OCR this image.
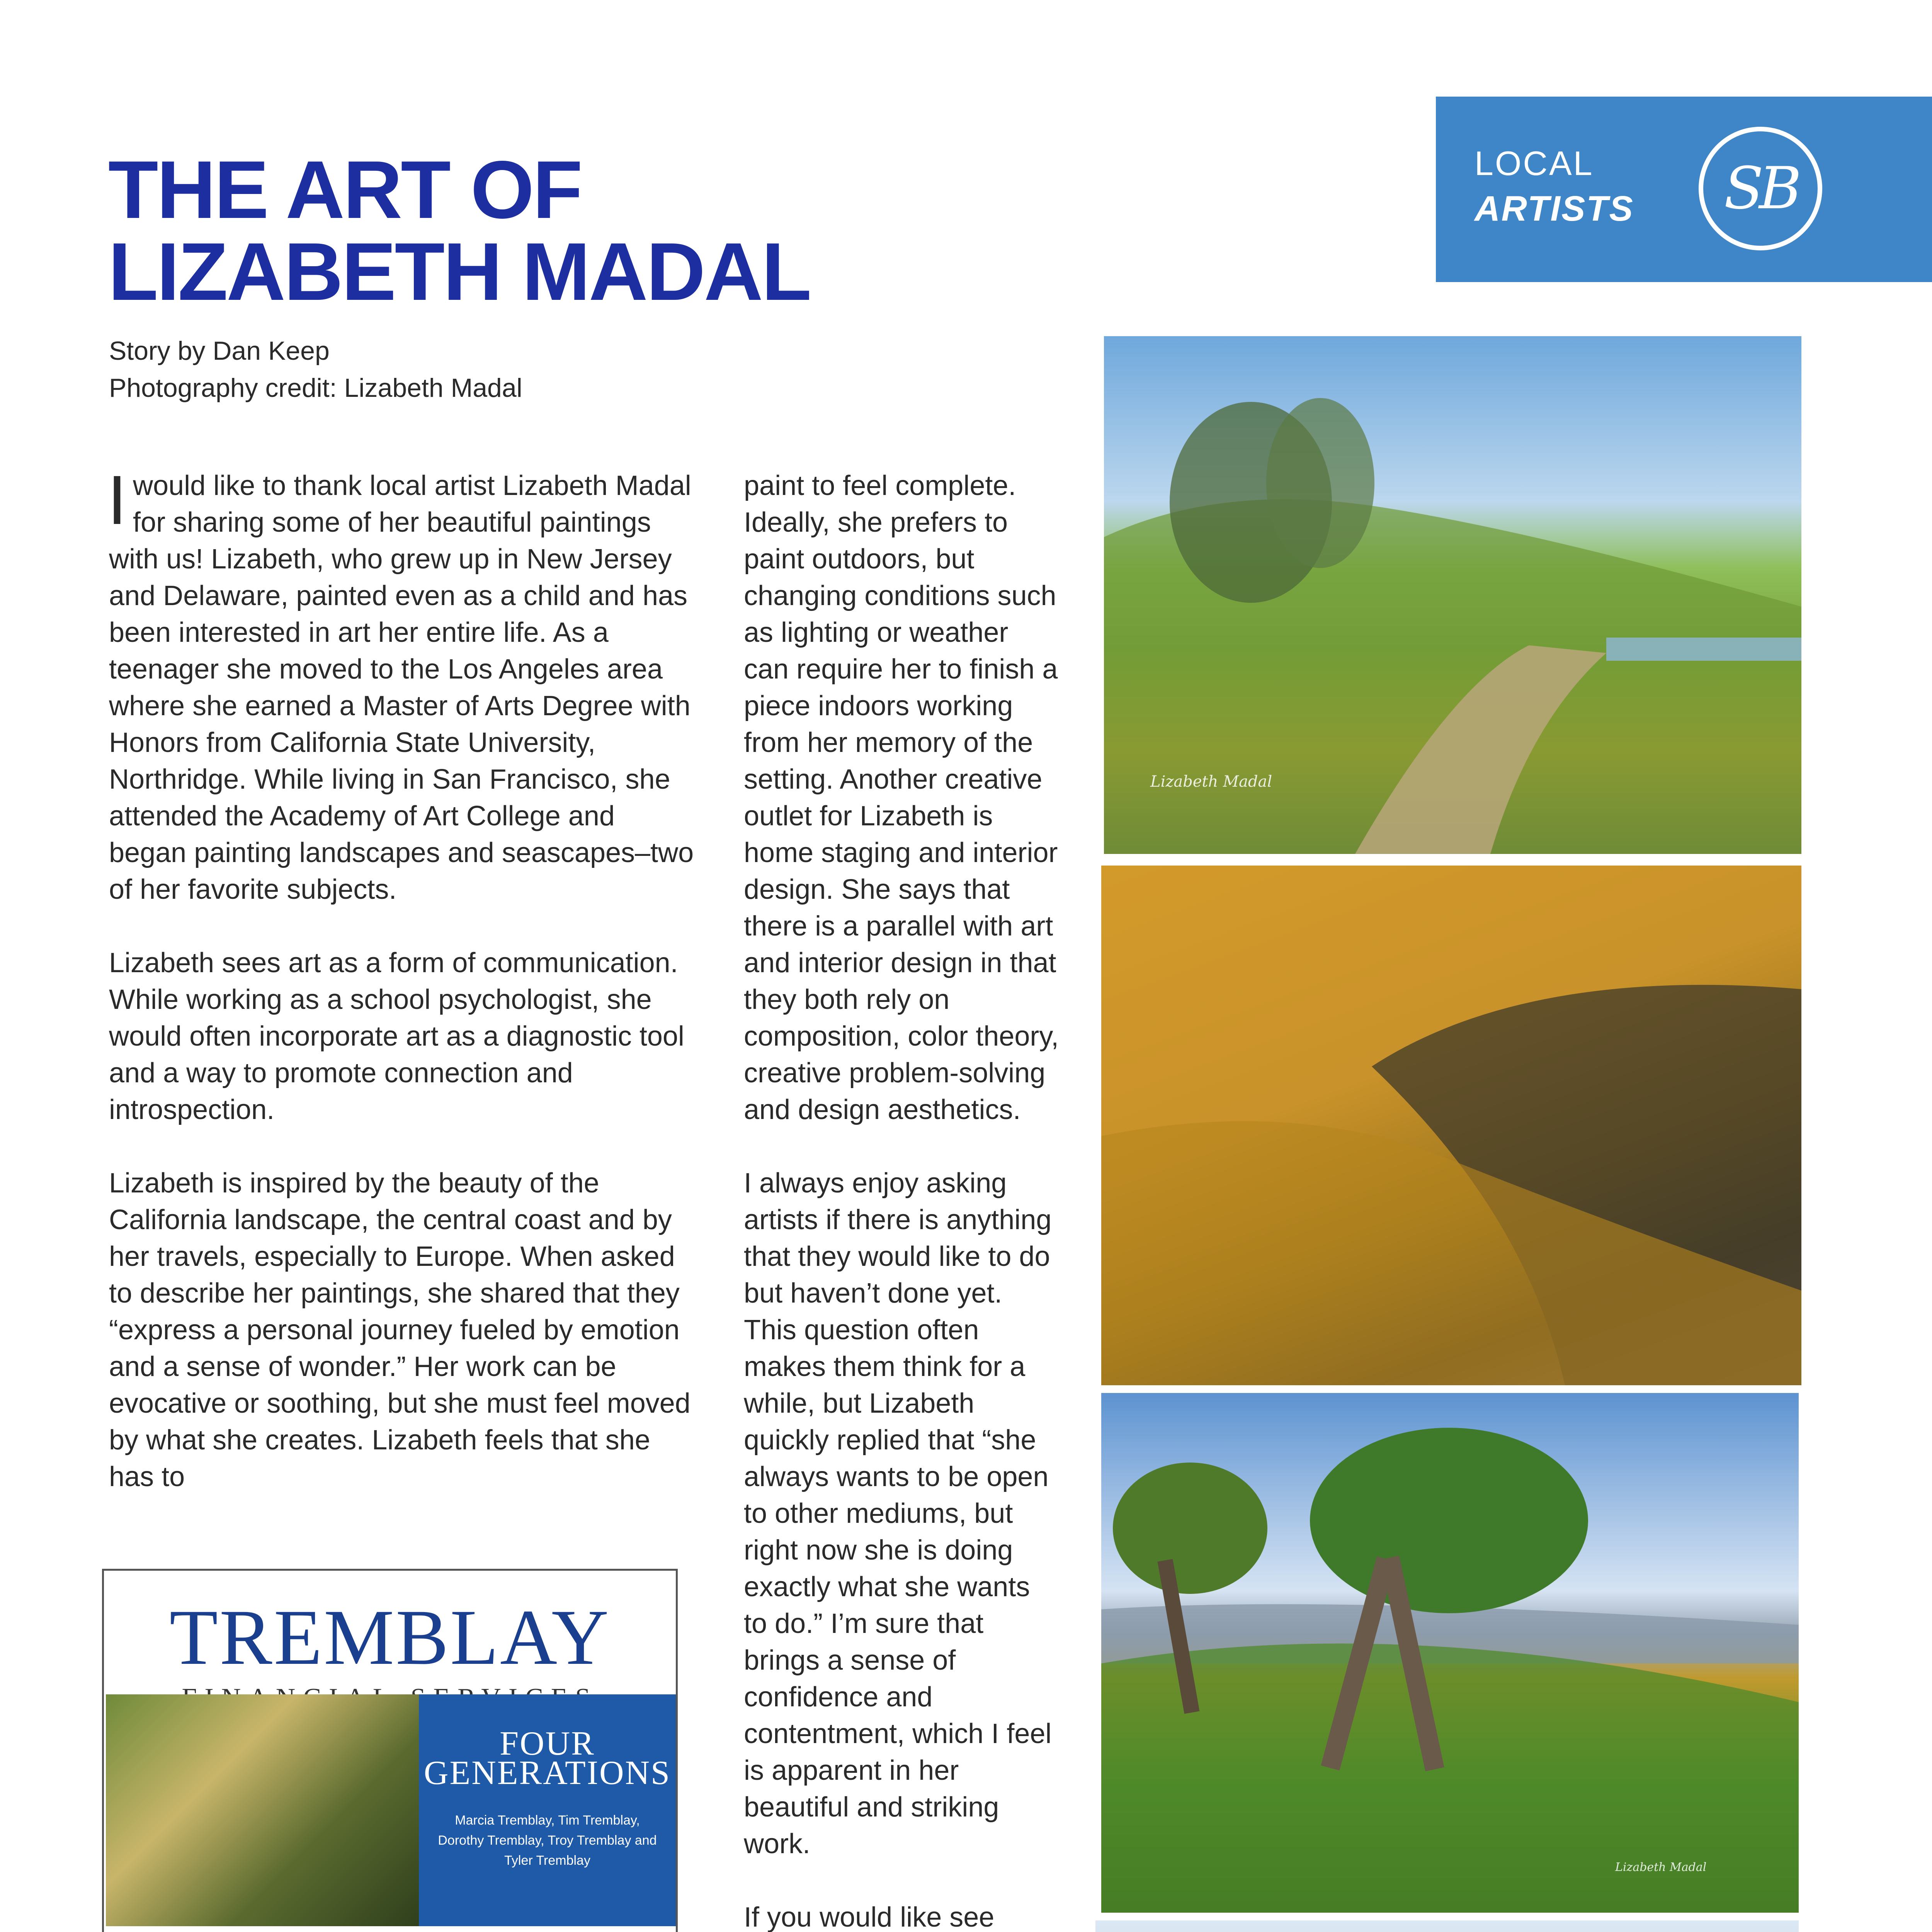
LOCAL
ARTISTS	SB
THE ART OF
LIZABETH MADAL
Story by Dan Keep
Photography credit: Lizabeth Madal

Iwould like to thank local artist Lizabeth Madal for sharing some of her beautiful paintings with us! Lizabeth, who grew up in New Jersey and Delaware, painted even as a child and has been interested in art her entire life. As a teenager she moved to the Los Angeles area where she earned a Master of Arts Degree with Honors from California State University, Northridge. While living in San Francisco, she attended the Academy of Art College and began painting landscapes and seascapes–two of her favorite subjects.

Lizabeth sees art as a form of communication. While working as a school psychologist, she would often incorporate art as a diagnostic tool and a way to promote connection and introspection.

Lizabeth is inspired by the beauty of the California landscape, the central coast and by her travels, especially to Europe. When asked to describe her paintings, she shared that they “express a personal journey fueled by emotion and a sense of wonder.” Her work can be evocative or soothing, but she must feel moved by what she creates. Lizabeth feels that she has to

paint to feel complete. Ideally, she prefers to paint outdoors, but changing conditions such as lighting or weather can require her to finish a piece indoors working from her memory of the setting. Another creative outlet for Lizabeth is home staging and interior design. She says that there is a parallel with art and interior design in that they both rely on composition, color theory, creative problem-solving and design aesthetics.

I always enjoy asking artists if there is anything that they would like to do but haven’t done yet. This question often makes them think for a while, but Lizabeth quickly replied that “she always wants to be open to other mediums, but right now she is doing exactly what she wants to do.” I’m sure that brings a sense of confidence and contentment, which I feel is apparent in her beautiful and striking work.

If you would like see

TREMBLAY
FOUR
GENERATIONS
Marcia Tremblay, Tim Tremblay, Dorothy Tremblay, Troy Tremblay and Tyler Tremblay
Lizabeth Madal
Lizabeth Madal
